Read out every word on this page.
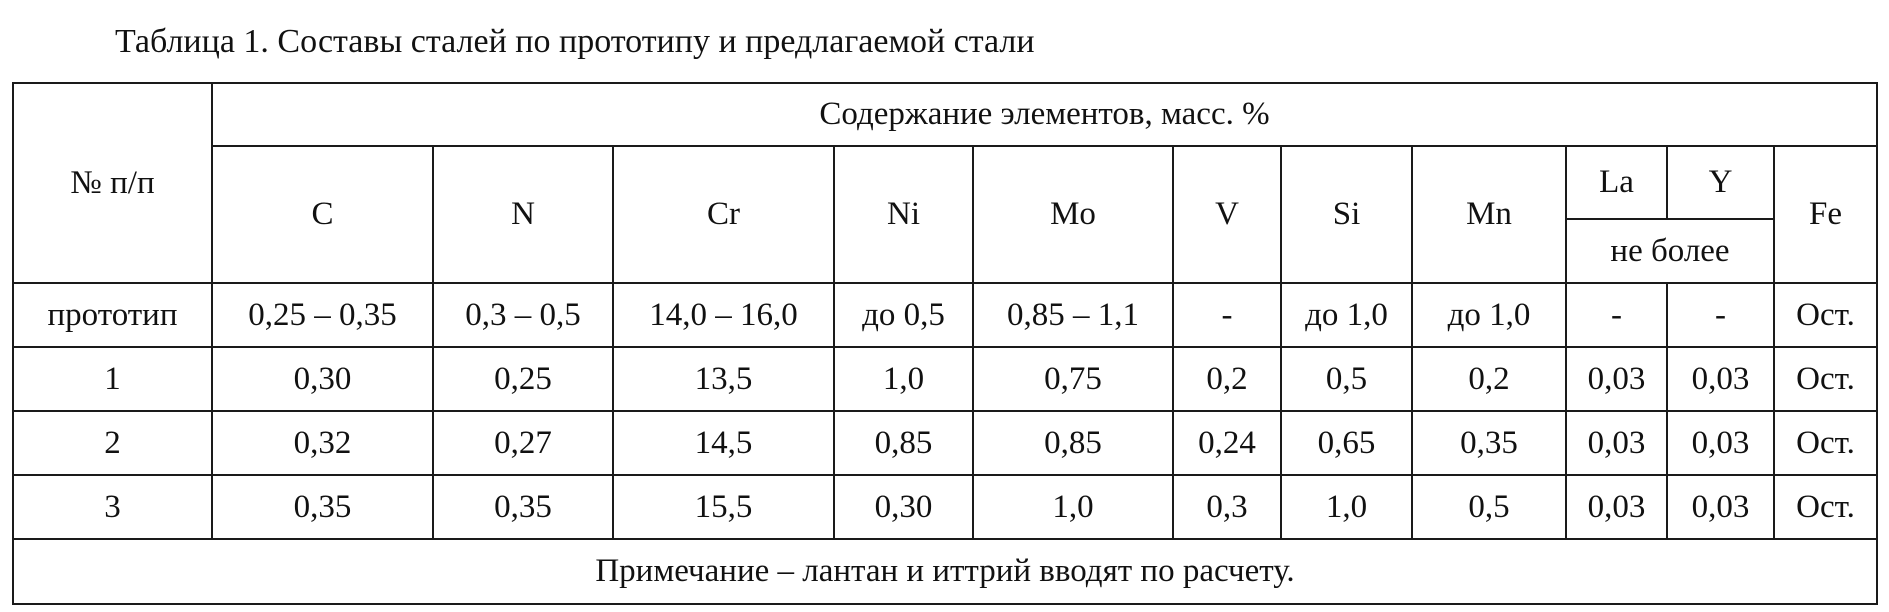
Таблица 1. Составы сталей по прототипу и предлагаемой стали
№ п/п	Содержание элементов, масс. %										
	C	N	Cr	Ni	Mo	V	Si	Mn	La	Y	Fe
									не более		
прототип	0,25 – 0,35	0,3 – 0,5	14,0 – 16,0	до 0,5	0,85 – 1,1	-	до 1,0	до 1,0	-	-	Ост.
1	0,30	0,25	13,5	1,0	0,75	0,2	0,5	0,2	0,03	0,03	Ост.
2	0,32	0,27	14,5	0,85	0,85	0,24	0,65	0,35	0,03	0,03	Ост.
3	0,35	0,35	15,5	0,30	1,0	0,3	1,0	0,5	0,03	0,03	Ост.
Примечание – лантан и иттрий вводят по расчету.											
